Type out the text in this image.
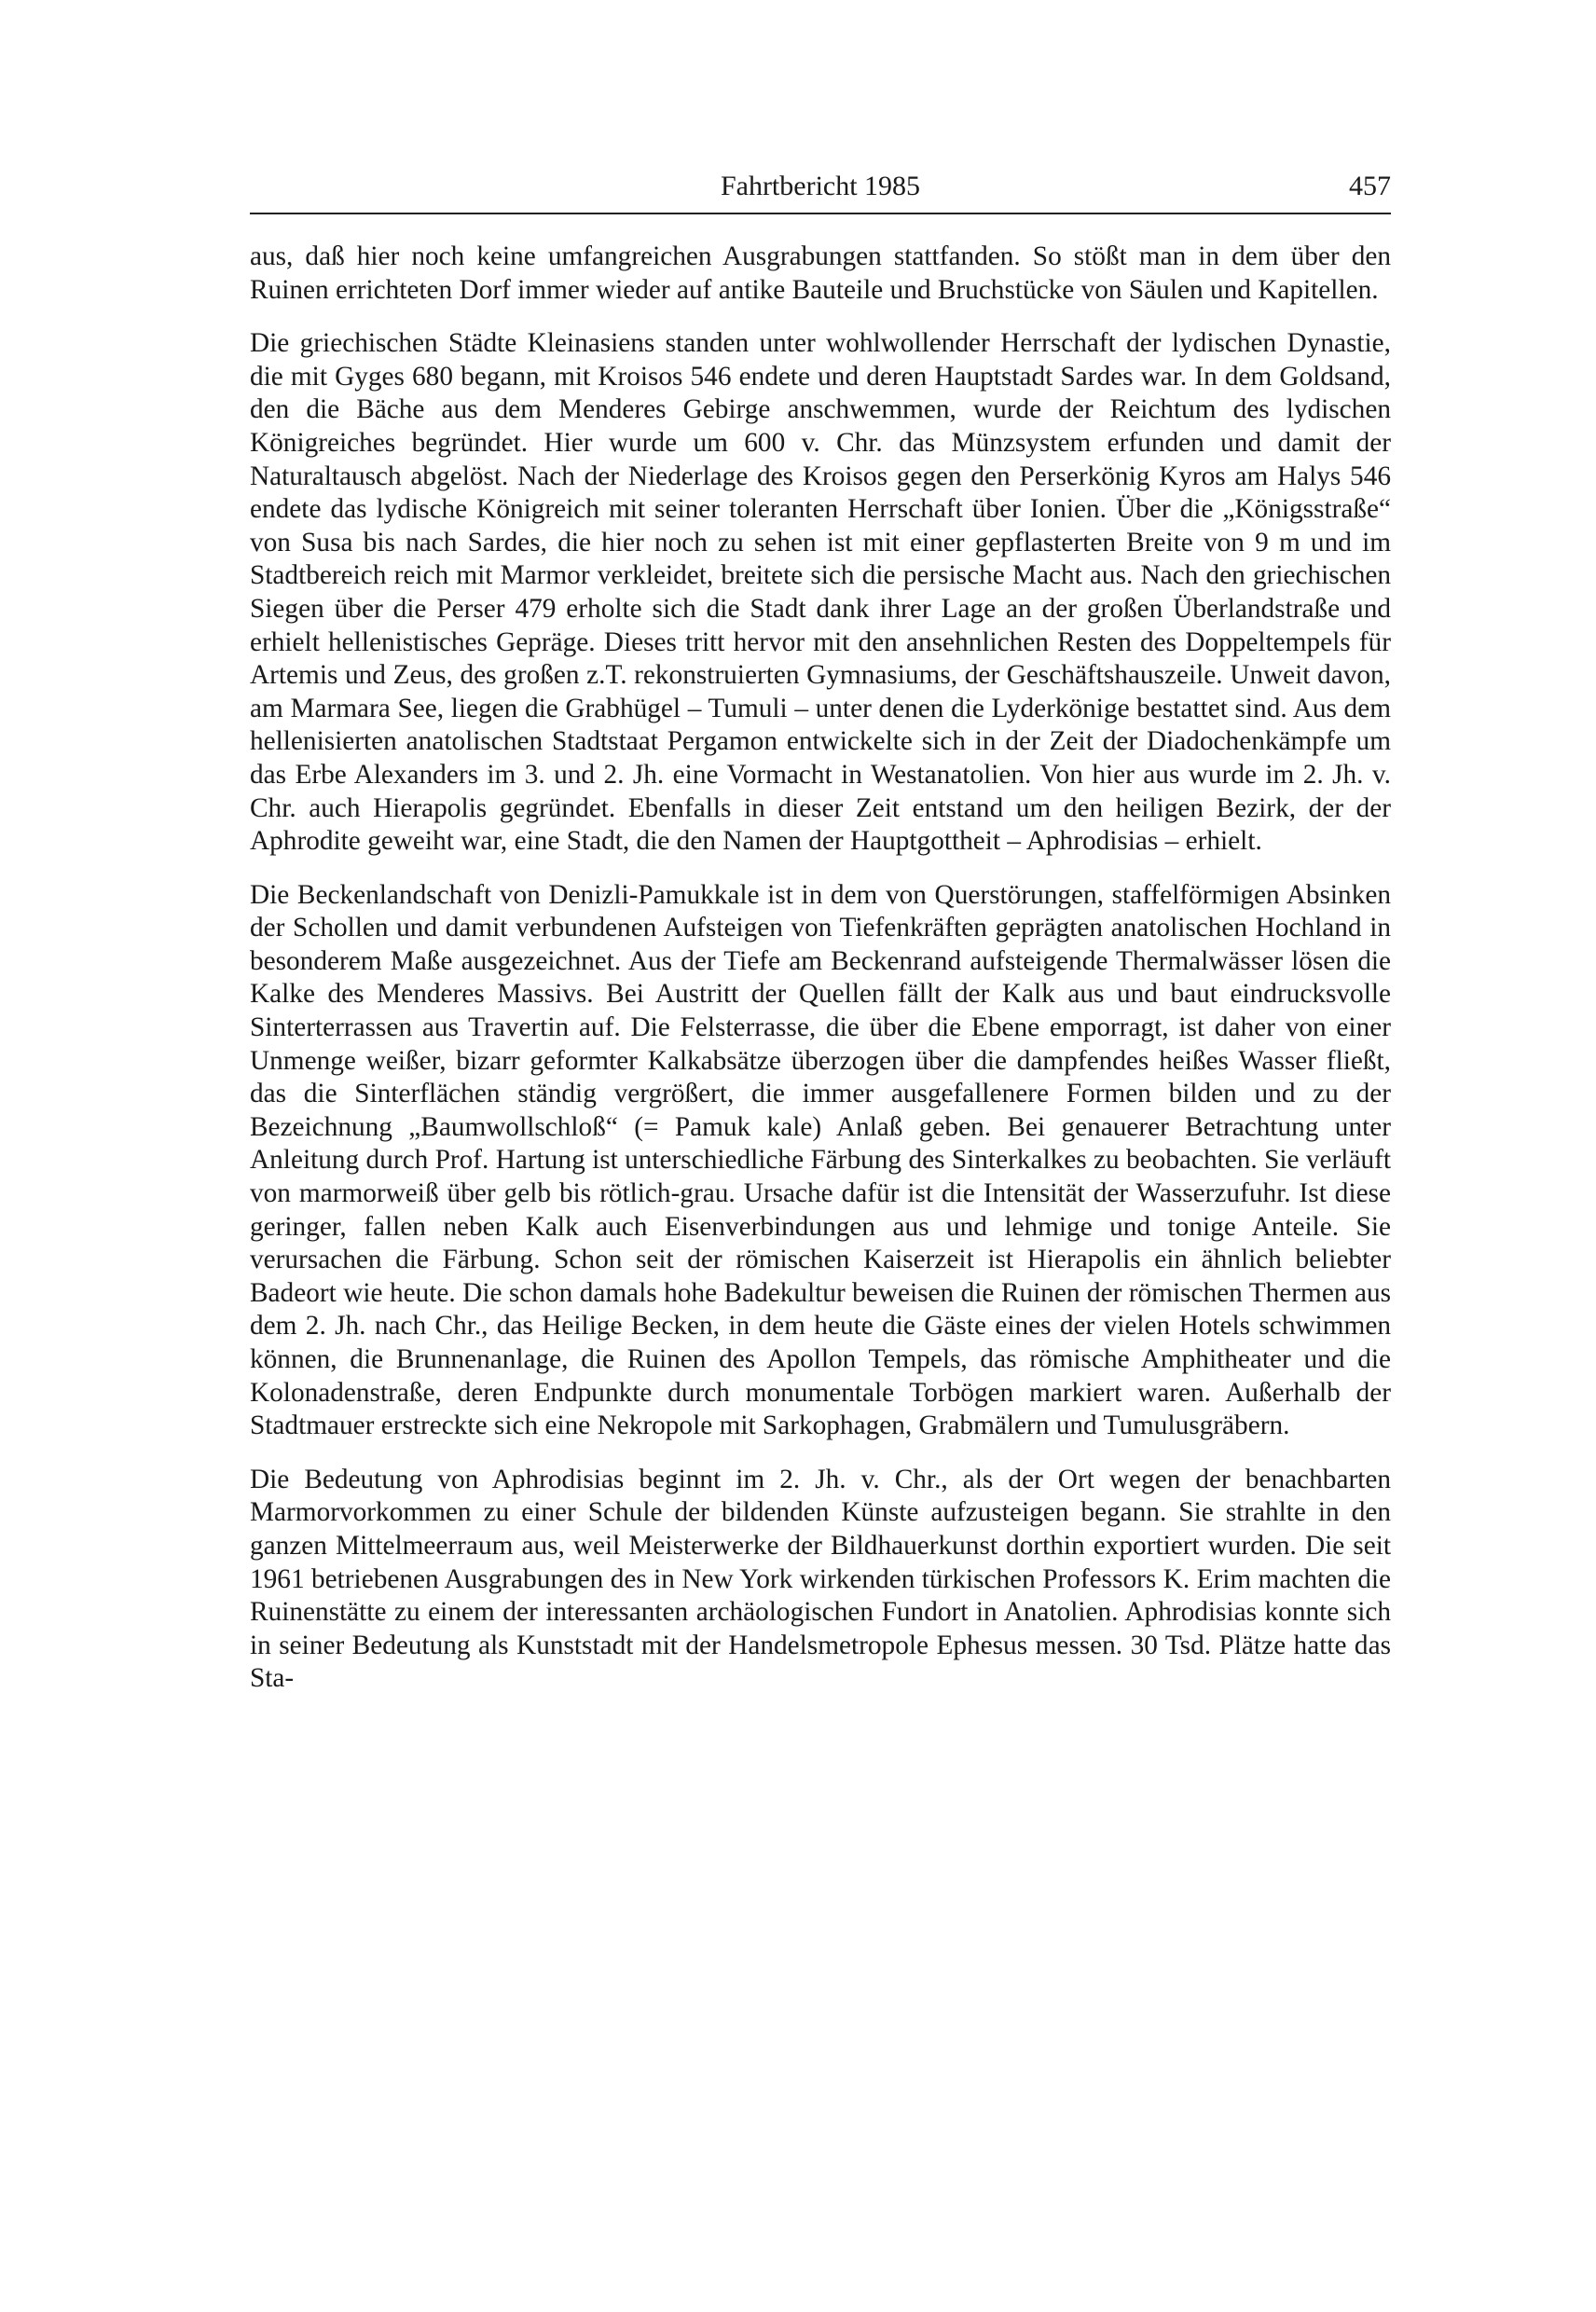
Fahrtbericht 1985	457

aus, daß hier noch keine umfangreichen Ausgrabungen stattfanden. So stößt man in dem über den Ruinen errichteten Dorf immer wieder auf antike Bauteile und Bruchstücke von Säulen und Kapitellen.

Die griechischen Städte Kleinasiens standen unter wohlwollender Herrschaft der lydischen Dynastie, die mit Gyges 680 begann, mit Kroisos 546 endete und deren Hauptstadt Sardes war. In dem Goldsand, den die Bäche aus dem Menderes Gebirge anschwemmen, wurde der Reichtum des lydischen Königreiches begründet. Hier wurde um 600 v. Chr. das Münzsystem erfunden und damit der Naturaltausch abgelöst. Nach der Niederlage des Kroisos gegen den Perserkönig Kyros am Halys 546 endete das lydische Königreich mit seiner toleranten Herrschaft über Ionien. Über die „Königsstraße“ von Susa bis nach Sardes, die hier noch zu sehen ist mit einer gepflasterten Breite von 9 m und im Stadtbereich reich mit Marmor verkleidet, breitete sich die persische Macht aus. Nach den griechischen Siegen über die Perser 479 erholte sich die Stadt dank ihrer Lage an der großen Überlandstraße und erhielt hellenistisches Gepräge. Dieses tritt hervor mit den ansehnlichen Resten des Doppeltempels für Artemis und Zeus, des großen z.T. rekonstruierten Gymnasiums, der Geschäftshauszeile. Unweit davon, am Marmara See, liegen die Grabhügel – Tumuli – unter denen die Lyderkönige bestattet sind. Aus dem hellenisierten anatolischen Stadtstaat Pergamon entwickelte sich in der Zeit der Diadochenkämpfe um das Erbe Alexanders im 3. und 2. Jh. eine Vormacht in Westanatolien. Von hier aus wurde im 2. Jh. v. Chr. auch Hierapolis gegründet. Ebenfalls in dieser Zeit entstand um den heiligen Bezirk, der der Aphrodite geweiht war, eine Stadt, die den Namen der Hauptgottheit – Aphrodisias – erhielt.

Die Beckenlandschaft von Denizli-Pamukkale ist in dem von Querstörungen, staffelförmigen Absinken der Schollen und damit verbundenen Aufsteigen von Tiefenkräften geprägten anatolischen Hochland in besonderem Maße ausgezeichnet. Aus der Tiefe am Beckenrand aufsteigende Thermalwässer lösen die Kalke des Menderes Massivs. Bei Austritt der Quellen fällt der Kalk aus und baut eindrucksvolle Sinterterrassen aus Travertin auf. Die Felsterrasse, die über die Ebene emporragt, ist daher von einer Unmenge weißer, bizarr geformter Kalkabsätze überzogen über die dampfendes heißes Wasser fließt, das die Sinterflächen ständig vergrößert, die immer ausgefallenere Formen bilden und zu der Bezeichnung „Baumwollschloß“ (= Pamuk kale) Anlaß geben. Bei genauerer Betrachtung unter Anleitung durch Prof. Hartung ist unterschiedliche Färbung des Sinterkalkes zu beobachten. Sie verläuft von marmorweiß über gelb bis rötlich-grau. Ursache dafür ist die Intensität der Wasserzufuhr. Ist diese geringer, fallen neben Kalk auch Eisenverbindungen aus und lehmige und tonige Anteile. Sie verursachen die Färbung. Schon seit der römischen Kaiserzeit ist Hierapolis ein ähnlich beliebter Badeort wie heute. Die schon damals hohe Badekultur beweisen die Ruinen der römischen Thermen aus dem 2. Jh. nach Chr., das Heilige Becken, in dem heute die Gäste eines der vielen Hotels schwimmen können, die Brunnenanlage, die Ruinen des Apollon Tempels, das römische Amphitheater und die Kolonadenstraße, deren Endpunkte durch monumentale Torbögen markiert waren. Außerhalb der Stadtmauer erstreckte sich eine Nekropole mit Sarkophagen, Grabmälern und Tumulusgräbern.

Die Bedeutung von Aphrodisias beginnt im 2. Jh. v. Chr., als der Ort wegen der benachbarten Marmorvorkommen zu einer Schule der bildenden Künste aufzusteigen begann. Sie strahlte in den ganzen Mittelmeerraum aus, weil Meisterwerke der Bildhauerkunst dorthin exportiert wurden. Die seit 1961 betriebenen Ausgrabungen des in New York wirkenden türkischen Professors K. Erim machten die Ruinenstätte zu einem der interessanten archäologischen Fundort in Anatolien. Aphrodisias konnte sich in seiner Bedeutung als Kunststadt mit der Handelsmetropole Ephesus messen. 30 Tsd. Plätze hatte das Sta-
